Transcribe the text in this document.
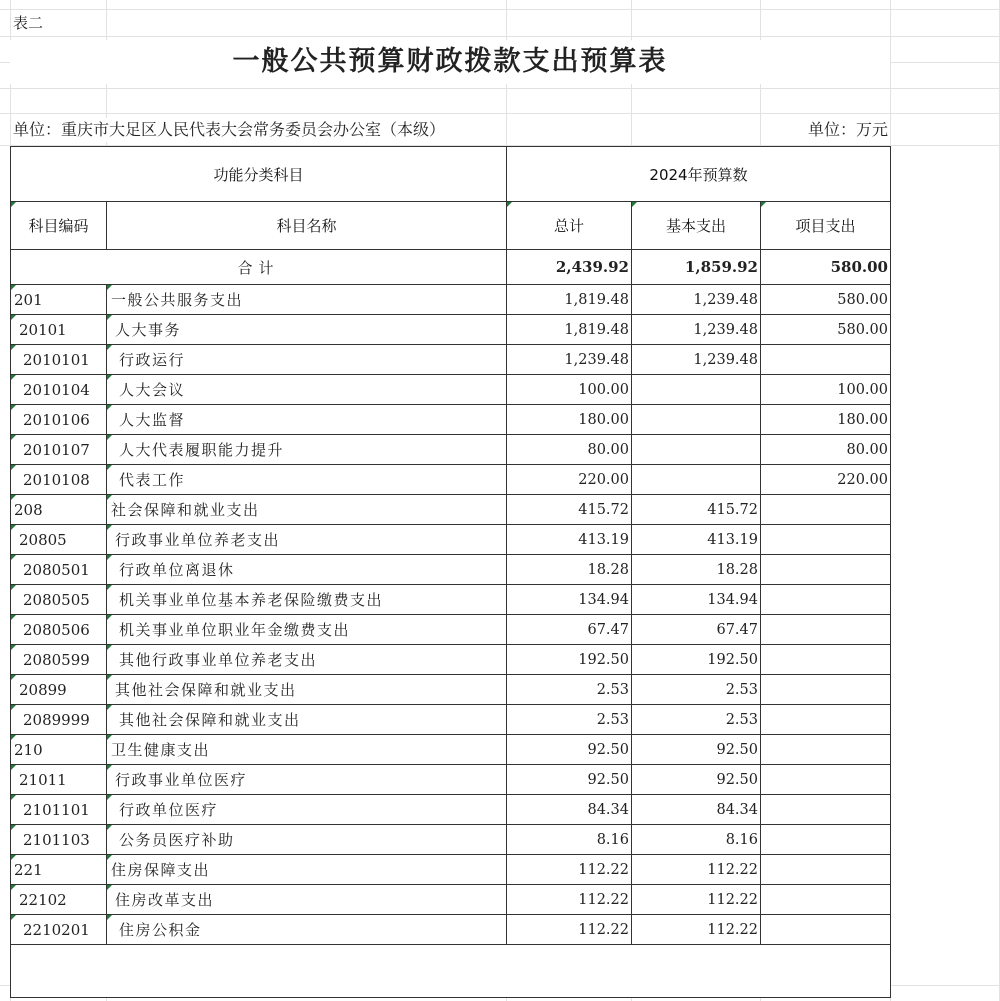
表二
一般公共预算财政拨款支出预算表
单位：重庆市大足区人民代表大会常务委员会办公室（本级）	单位：万元
功能分类科目		2024年预算数		
科目编码	科目名称	总计	基本支出	项目支出
合计		2,439.92	1,859.92	580.00
201	一般公共服务支出	1,819.48	1,239.48	580.00
20101	人大事务	1,819.48	1,239.48	580.00
2010101	行政运行	1,239.48	1,239.48	
2010104	人大会议	100.00		100.00
2010106	人大监督	180.00		180.00
2010107	人大代表履职能力提升	80.00		80.00
2010108	代表工作	220.00		220.00
208	社会保障和就业支出	415.72	415.72	
20805	行政事业单位养老支出	413.19	413.19	
2080501	行政单位离退休	18.28	18.28	
2080505	机关事业单位基本养老保险缴费支出	134.94	134.94	
2080506	机关事业单位职业年金缴费支出	67.47	67.47	
2080599	其他行政事业单位养老支出	192.50	192.50	
20899	其他社会保障和就业支出	2.53	2.53	
2089999	其他社会保障和就业支出	2.53	2.53	
210	卫生健康支出	92.50	92.50	
21011	行政事业单位医疗	92.50	92.50	
2101101	行政单位医疗	84.34	84.34	
2101103	公务员医疗补助	8.16	8.16	
221	住房保障支出	112.22	112.22	
22102	住房改革支出	112.22	112.22	
2210201	住房公积金	112.22	112.22	
